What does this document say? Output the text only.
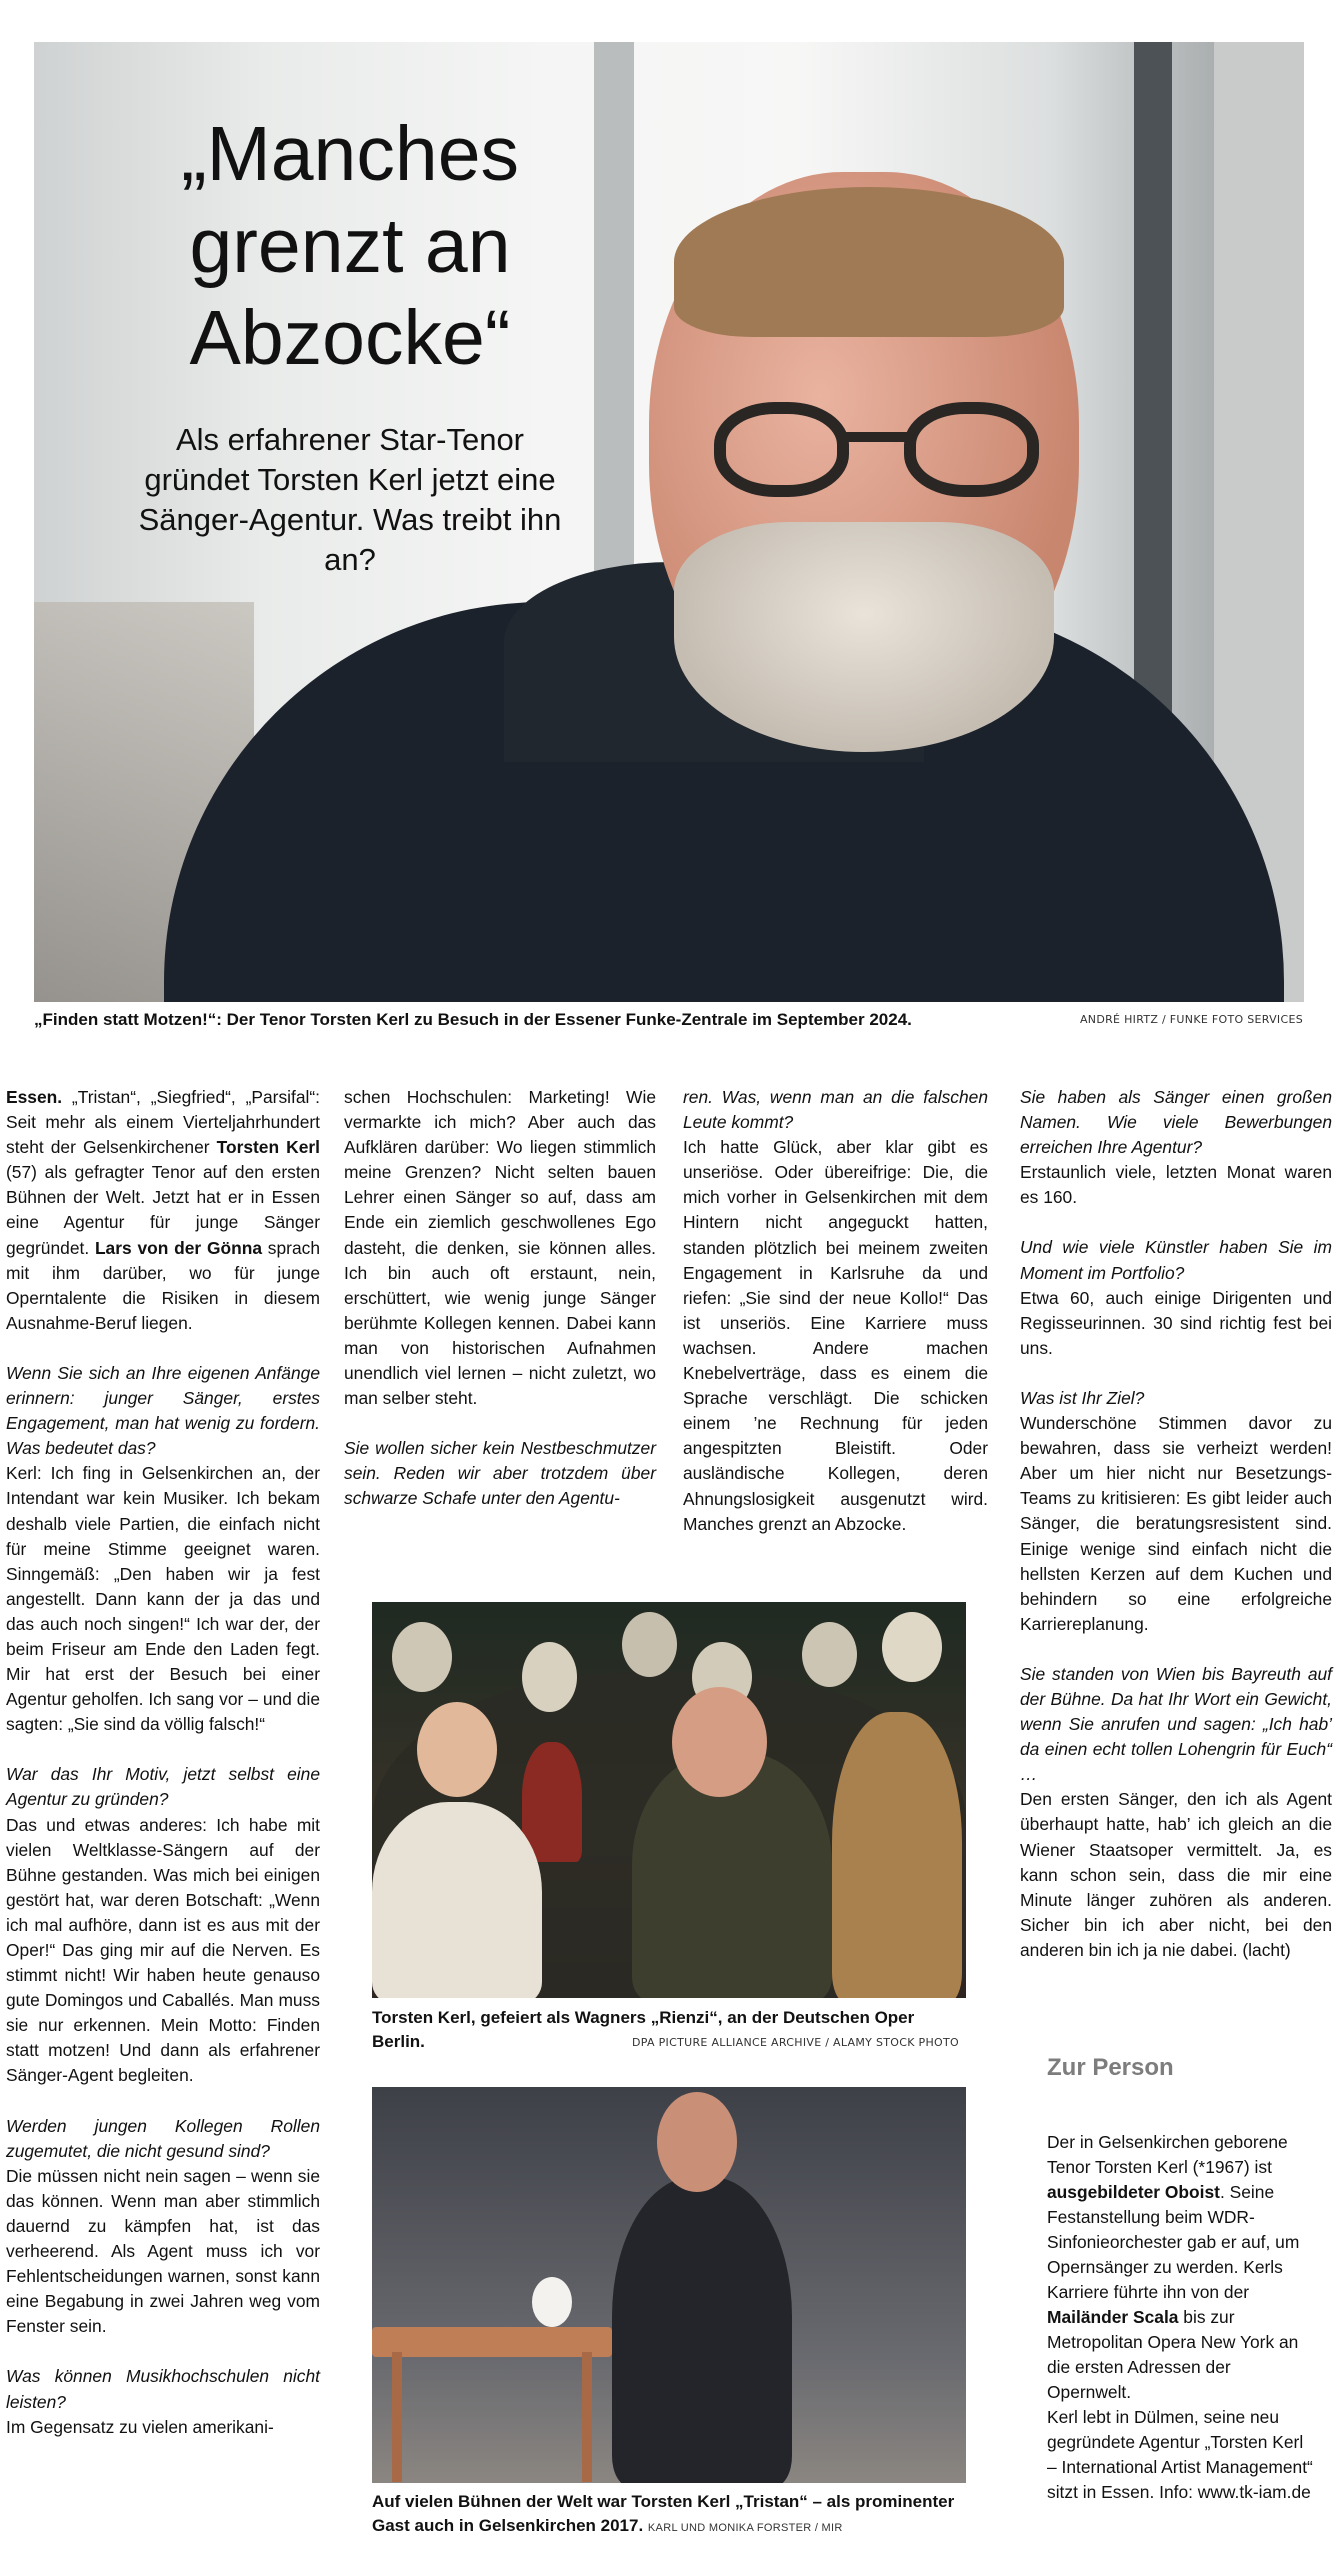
„Manches grenzt an Abzocke“
Als erfahrener Star-Tenor gründet Torsten Kerl jetzt eine Sänger-Agentur. Was treibt ihn an?
„Finden statt Motzen!“: Der Tenor Torsten Kerl zu Besuch in der Essener Funke-Zentrale im September 2024.	ANDRÉ HIRTZ / FUNKE FOTO SERVICES

Essen. „Tristan“, „Siegfried“, „Parsifal“: Seit mehr als einem Vierteljahrhundert steht der Gelsenkirchener Torsten Kerl (57) als gefragter Tenor auf den ersten Bühnen der Welt. Jetzt hat er in Essen eine Agentur für junge Sänger gegründet. Lars von der Gönna sprach mit ihm darüber, wo für junge Operntalente die Risiken in diesem Ausnahme-Beruf liegen.

Wenn Sie sich an Ihre eigenen Anfänge erinnern: junger Sänger, erstes Engagement, man hat wenig zu fordern. Was bedeutet das?
Kerl: Ich fing in Gelsenkirchen an, der Intendant war kein Musiker. Ich bekam deshalb viele Partien, die einfach nicht für meine Stimme geeignet waren. Sinngemäß: „Den haben wir ja fest angestellt. Dann kann der ja das und das auch noch singen!“ Ich war der, der beim Friseur am Ende den Laden fegt. Mir hat erst der Besuch bei einer Agentur geholfen. Ich sang vor – und die sagten: „Sie sind da völlig falsch!“

War das Ihr Motiv, jetzt selbst eine Agentur zu gründen?
Das und etwas anderes: Ich habe mit vielen Weltklasse-Sängern auf der Bühne gestanden. Was mich bei einigen gestört hat, war deren Botschaft: „Wenn ich mal aufhöre, dann ist es aus mit der Oper!“ Das ging mir auf die Nerven. Es stimmt nicht! Wir haben heute genauso gute Domingos und Caballés. Man muss sie nur erkennen. Mein Motto: Finden statt motzen! Und dann als erfahrener Sänger-Agent begleiten.

Werden jungen Kollegen Rollen zugemutet, die nicht gesund sind?
Die müssen nicht nein sagen – wenn sie das können. Wenn man aber stimmlich dauernd zu kämpfen hat, ist das verheerend. Als Agent muss ich vor Fehlentscheidungen warnen, sonst kann eine Begabung in zwei Jahren weg vom Fenster sein.

Was können Musikhochschulen nicht leisten?
Im Gegensatz zu vielen amerikani-

schen Hochschulen: Marketing! Wie vermarkte ich mich? Aber auch das Aufklären darüber: Wo liegen stimmlich meine Grenzen? Nicht selten bauen Lehrer einen Sänger so auf, dass am Ende ein ziemlich geschwollenes Ego dasteht, die denken, sie können alles. Ich bin auch oft erstaunt, nein, erschüttert, wie wenig junge Sänger berühmte Kollegen kennen. Dabei kann man von historischen Aufnahmen unendlich viel lernen – nicht zuletzt, wo man selber steht.

Sie wollen sicher kein Nestbeschmutzer sein. Reden wir aber trotzdem über schwarze Schafe unter den Agentu-

ren. Was, wenn man an die falschen Leute kommt?
Ich hatte Glück, aber klar gibt es unseriöse. Oder übereifrige: Die, die mich vorher in Gelsenkirchen mit dem Hintern nicht angeguckt hatten, standen plötzlich bei meinem zweiten Engagement in Karlsruhe da und riefen: „Sie sind der neue Kollo!“ Das ist unseriös. Eine Karriere muss wachsen. Andere machen Knebelverträge, dass es einem die Sprache verschlägt. Die schicken einem ’ne Rechnung für jeden angespitzten Bleistift. Oder ausländische Kollegen, deren Ahnungslosigkeit ausgenutzt wird. Manches grenzt an Abzocke.

Sie haben als Sänger einen großen Namen. Wie viele Bewerbungen erreichen Ihre Agentur?
Erstaunlich viele, letzten Monat waren es 160.

Und wie viele Künstler haben Sie im Moment im Portfolio?
Etwa 60, auch einige Dirigenten und Regisseurinnen. 30 sind richtig fest bei uns.

Was ist Ihr Ziel?
Wunderschöne Stimmen davor zu bewahren, dass sie verheizt werden! Aber um hier nicht nur Besetzungs-Teams zu kritisieren: Es gibt leider auch Sänger, die beratungsresistent sind. Einige wenige sind einfach nicht die hellsten Kerzen auf dem Kuchen und behindern so eine erfolgreiche Karriereplanung.

Sie standen von Wien bis Bayreuth auf der Bühne. Da hat Ihr Wort ein Gewicht, wenn Sie anrufen und sagen: „Ich hab’ da einen echt tollen Lohengrin für Euch“ …
Den ersten Sänger, den ich als Agent überhaupt hatte, hab’ ich gleich an die Wiener Staatsoper vermittelt. Ja, es kann schon sein, dass die mir eine Minute länger zuhören als anderen. Sicher bin ich aber nicht, bei den anderen bin ich ja nie dabei. (lacht)

Torsten Kerl, gefeiert als Wagners „Rienzi“, an der Deutschen Oper Berlin.	DPA PICTURE ALLIANCE ARCHIVE / ALAMY STOCK PHOTO
Auf vielen Bühnen der Welt war Torsten Kerl „Tristan“ – als prominenter Gast auch in Gelsenkirchen 2017. KARL UND MONIKA FORSTER / MIR
Zur Person
Der in Gelsenkirchen geborene Tenor Torsten Kerl (*1967) ist ausgebildeter Oboist. Seine Festanstellung beim WDR-Sinfonieorchester gab er auf, um Opernsänger zu werden. Kerls Karriere führte ihn von der Mailänder Scala bis zur Metropolitan Opera New York an die ersten Adressen der Opernwelt.
Kerl lebt in Dülmen, seine neu gegründete Agentur „Torsten Kerl – International Artist Management“ sitzt in Essen. Info: www.tk-iam.de
